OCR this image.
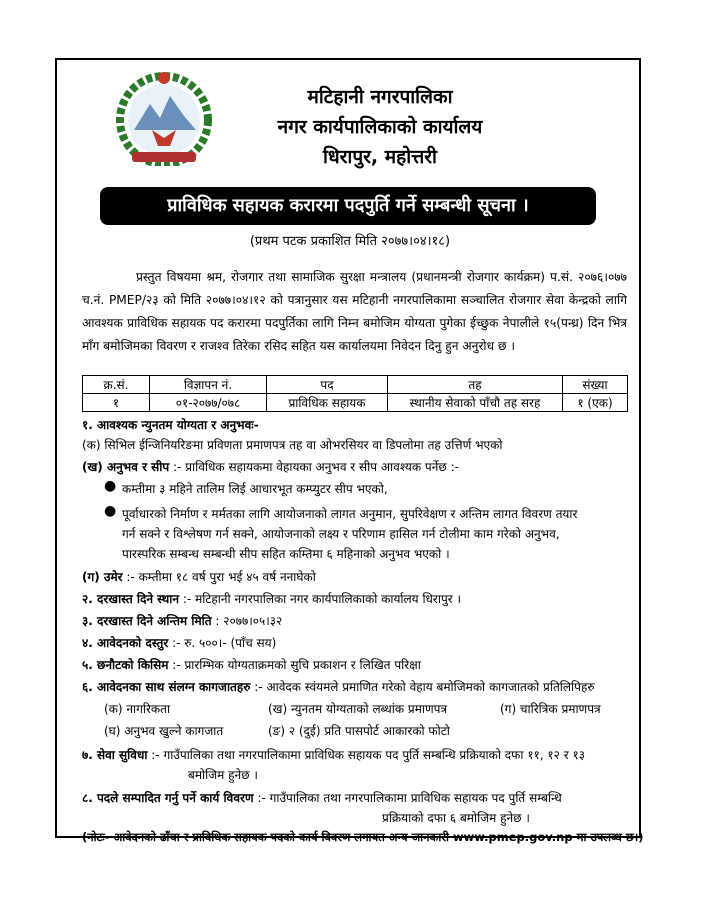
मटिहानी नगरपालिका
नगर कार्यपालिकाको कार्यालय
धिरापुर, महोत्तरी
प्राविधिक सहायक करारमा पदपुर्ति गर्ने सम्बन्धी सूचना ।
(प्रथम पटक प्रकाशित मिति २०७७।०४।१८)
प्रस्तुत विषयमा श्रम, रोजगार तथा सामाजिक सुरक्षा मन्त्रालय (प्रधानमन्त्री रोजगार कार्यक्रम) प.सं. २०७६।०७७ च.नं. PMEP/२३ को मिति २०७७।०४।१२ को पत्रानुसार यस मटिहानी नगरपालिकामा सञ्चालित रोजगार सेवा केन्द्रको लागि आवश्यक प्राविधिक सहायक पद करारमा पदपुर्तिका लागि निम्न बमोजिम योग्यता पुगेका ईच्छुक नेपालीले १५(पन्ध्र) दिन भित्र माँग बमोजिमका विवरण र राजश्व तिरेका रसिद सहित यस कार्यालयमा निवेदन दिनु हुन अनुरोध छ ।
क्र.सं.	विज्ञापन नं.	पद	तह	संख्या
१	०१-२०७७/०७८	प्राविधिक सहायक	स्थानीय सेवाको पाँचौ तह सरह	१ (एक)
१. आवश्यक न्युनतम योग्यता र अनुभवः-
(क) सिभिल ईन्जिनियरिङमा प्रविणता प्रमाणपत्र तह वा ओभरसियर वा डिपलोमा तह उत्तिर्ण भएको
(ख) अनुभव र सीप :- प्राविधिक सहायकमा वेहायका अनुभव र सीप आवश्यक पर्नेछ :-
● कम्तीमा ३ महिने तालिम लिई आधारभूत कम्प्युटर सीप भएको,
● पूर्वाधारको निर्माण र मर्मतका लागि आयोजनाको लागत अनुमान, सुपरिवेक्षण र अन्तिम लागत विवरण तयार
गर्न सक्ने र विश्लेषण गर्न सक्ने, आयोजनाको लक्ष्य र परिणाम हासिल गर्न टोलीमा काम गरेको अनुभव,
पारस्परिक सम्बन्ध सम्बन्धी सीप सहित कम्तिमा ६ महिनाको अनुभव भएको ।
(ग) उमेर :- कम्तीमा १८ वर्ष पुरा भई ४५ वर्ष ननाघेको
२. दरखास्त दिने स्थान :- मटिहानी नगरपालिका नगर कार्यपालिकाको कार्यालय धिरापुर ।
३. दरखास्त दिने अन्तिम मिति : २०७७।०५।३२
४. आवेदनको दस्तुर :- रु. ५००।- (पाँच सय)
५. छनौटको किसिम :- प्रारम्भिक योग्यताक्रमको सुचि प्रकाशन र लिखित परिक्षा
६. आवेदनका साथ संलग्न कागजातहरु :- आवेदक स्वंयमले प्रमाणित गरेको वेहाय बमोजिमको कागजातको प्रतिलिपिहरु
(क) नागरिकता	(ख) न्युनतम योग्यताको लब्धांक प्रमाणपत्र	(ग) चारित्रिक प्रमाणपत्र
(घ) अनुभव खुल्ने कागजात	(ङ) २ (दुई) प्रति पासपोर्ट आकारको फोटो
७. सेवा सुविधा :- गाउँपालिका तथा नगरपालिकामा प्राविधिक सहायक पद पुर्ति सम्बन्धि प्रक्रियाको दफा ११, १२ र १३
बमोजिम हुनेछ ।
८. पदले सम्पादित गर्नु पर्ने कार्य विवरण :- गाउँपालिका तथा नगरपालिकामा प्राविधिक सहायक पद पुर्ति सम्बन्धि
प्रक्रियाको दफा ६ बमोजिम हुनेछ ।
(नोटः- आवेदनको ढाँचा र प्राविधिक सहायक पदको कार्य विवरण लगायत अन्य जानकारी www.pmep.gov.np मा उपलब्ध छ।)
